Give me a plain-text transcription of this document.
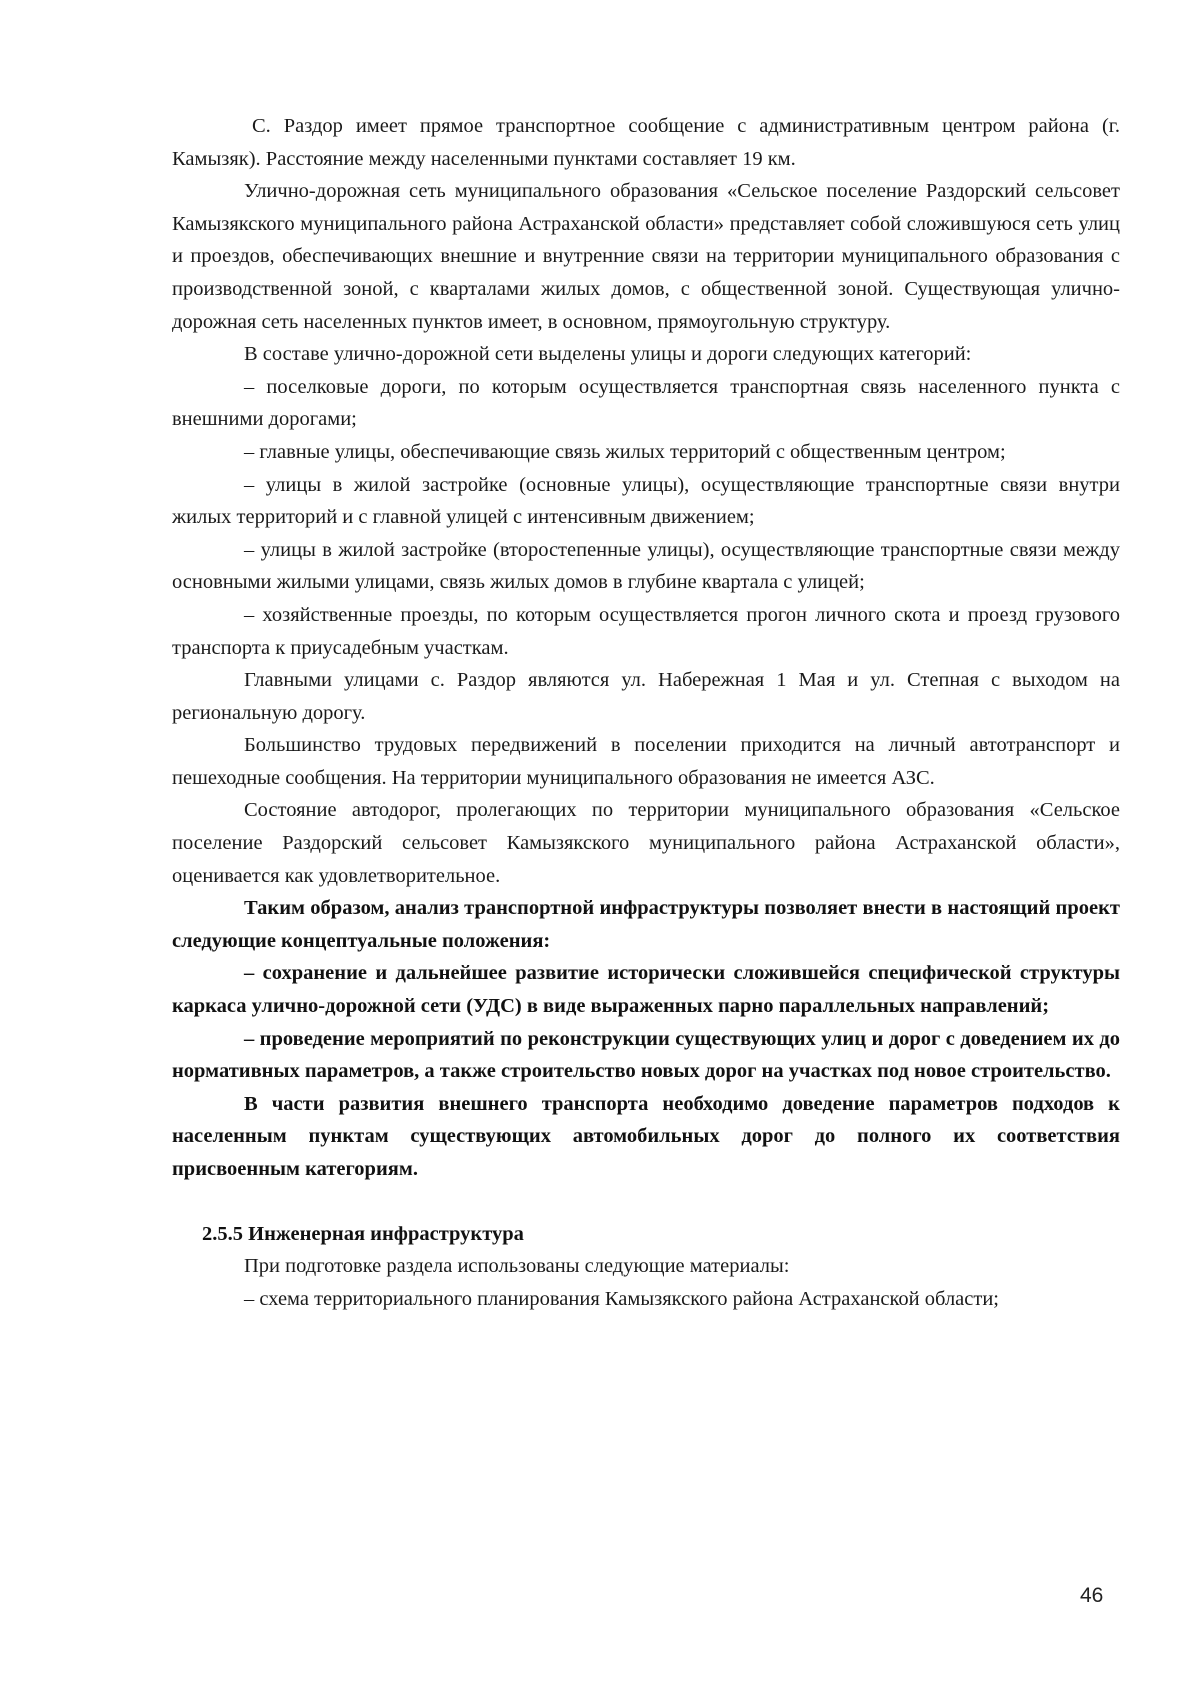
С. Раздор имеет прямое транспортное сообщение с административным центром района (г. Камызяк). Расстояние между населенными пунктами составляет 19 км.

Улично-дорожная сеть муниципального образования «Сельское поселение Раздорский сельсовет Камызякского муниципального района Астраханской области» представляет собой сложившуюся сеть улиц и проездов, обеспечивающих внешние и внутренние связи на территории муниципального образования с производственной зоной, с кварталами жилых домов, с общественной зоной. Существующая улично-дорожная сеть населенных пунктов имеет, в основном, прямоугольную структуру.

В составе улично-дорожной сети выделены улицы и дороги следующих категорий:

– поселковые дороги, по которым осуществляется транспортная связь населенного пункта с внешними дорогами;

– главные улицы, обеспечивающие связь жилых территорий с общественным центром;

– улицы в жилой застройке (основные улицы), осуществляющие транспортные связи внутри жилых территорий и с главной улицей с интенсивным движением;

– улицы в жилой застройке (второстепенные улицы), осуществляющие транспортные связи между основными жилыми улицами, связь жилых домов в глубине квартала с улицей;

– хозяйственные проезды, по которым осуществляется прогон личного скота и проезд грузового транспорта к приусадебным участкам.

Главными улицами с. Раздор являются ул. Набережная 1 Мая и ул. Степная с выходом на региональную дорогу.

Большинство трудовых передвижений в поселении приходится на личный автотранспорт и пешеходные сообщения. На территории муниципального образования не имеется АЗС.

Состояние автодорог, пролегающих по территории муниципального образования «Сельское поселение Раздорский сельсовет Камызякского муниципального района Астраханской области», оценивается как удовлетворительное.

Таким образом, анализ транспортной инфраструктуры позволяет внести в настоящий проект следующие концептуальные положения:

– сохранение и дальнейшее развитие исторически сложившейся специфической структуры каркаса улично-дорожной сети (УДС) в виде выраженных парно параллельных направлений;

– проведение мероприятий по реконструкции существующих улиц и дорог с доведением их до нормативных параметров, а также строительство новых дорог на участках под новое строительство.

В части развития внешнего транспорта необходимо доведение параметров подходов к населенным пунктам существующих автомобильных дорог до полного их соответствия присвоенным категориям.

2.5.5 Инженерная инфраструктура

При подготовке раздела использованы следующие материалы:

– схема территориального планирования Камызякского района Астраханской области;

46
